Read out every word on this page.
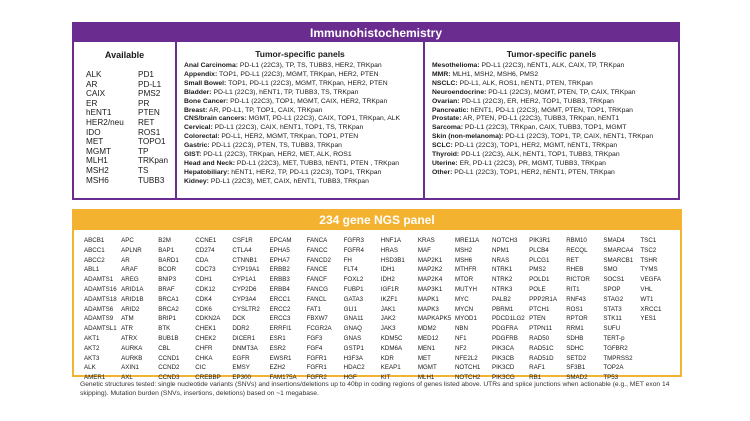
Immunohistochemistry
Available
ALK	PD1
AR	PD-L1
CAIX	PMS2
ER	PR
hENT1	PTEN
HER2/neu	RET
IDO	ROS1
MET	TOPO1
MGMT	TP
MLH1	TRKpan
MSH2	TS
MSH6	TUBB3
Tumor-specific panels
Anal Carcinoma: PD-L1 (22C3), TP, TS, TUBB3, HER2, TRKpan
Appendix: TOP1, PD-L1 (22C3), MGMT, TRKpan, HER2, PTEN
Small Bowel: TOP1, PD-L1 (22C3), MGMT, TRKpan, HER2, PTEN
Bladder: PD-L1 (22C3), hENT1, TP, TUBB3, TS, TRKpan
Bone Cancer: PD-L1 (22C3), TOP1, MGMT, CAIX, HER2, TRKpan
Breast: AR, PD-L1, TP, TOP1, CAIX, TRKpan
CNS/brain cancers: MGMT, PD-L1 (22C3), CAIX, TOP1, TRKpan, ALK
Cervical: PD-L1 (22C3), CAIX, hENT1, TOP1, TS, TRKpan
Colorectal: PD-L1, HER2, MGMT, TRKpan, TOP1, PTEN
Gastric: PD-L1 (22C3), PTEN, TS, TUBB3, TRKpan
GIST: PD-L1 (22C3), TRKpan, HER2, MET, ALK, ROS1
Head and Neck: PD-L1 (22C3), MET, TUBB3, hENT1, PTEN , TRKpan
Hepatobiliary: hENT1, HER2, TP, PD-L1 (22C3), TOP1, TRKpan
Kidney: PD-L1 (22C3), MET, CAIX, hENT1, TUBB3, TRKpan
Tumor-specific panels
Mesothelioma: PD-L1 (22C3), hENT1, ALK, CAIX, TP, TRKpan
MMR: MLH1, MSH2, MSH6, PMS2
NSCLC: PD-L1, ALK, ROS1, hENT1, PTEN, TRKpan
Neuroendocrine: PD-L1 (22C3), MGMT, PTEN, TP, CAIX, TRKpan
Ovarian: PD-L1 (22C3), ER, HER2, TOP1, TUBB3, TRKpan
Pancreatic: hENT1, PD-L1 (22C3), MGMT, PTEN, TOP1, TRKpan
Prostate: AR, PTEN, PD-L1 (22C3), TUBB3, TRKpan, hENT1
Sarcoma: PD-L1 (22C3), TRKpan, CAIX, TUBB3, TOP1, MGMT
Skin (non-melanoma): PD-L1 (22C3), TOP1, TP, CAIX, hENT1, TRKpan
SCLC: PD-L1 (22C3), TOP1, HER2, MGMT, hENT1, TRKpan
Thyroid: PD-L1 (22C3), ALK, hENT1, TOP1, TUBB3, TRKpan
Uterine: ER, PD-L1 (22C3), PR, MGMT, TUBB3, TRKpan
Other: PD-L1 (22C3), TOP1, HER2, hENT1, PTEN, TRKpan
234 gene NGS panel
ABCB1	APC	B2M	CCNE1	CSF1R	EPCAM	FANCA	FGFR3	HNF1A	KRAS	MRE11A	NOTCH3	PIK3R1	RBM10	SMAD4	TSC1
ABCC1	APLNR	BAP1	CD274	CTLA4	EPHA5	FANCC	FGFR4	HRAS	MAF	MSH2	NPM1	PLCB4	RECQL	SMARCA4	TSC2
ABCC2	AR	BARD1	CDA	CTNNB1	EPHA7	FANCD2	FH	HSD3B1	MAP2K1	MSH6	NRAS	PLCG1	RET	SMARCB1	TSHR
ABL1	ARAF	BCOR	CDC73	CYP19A1	ERBB2	FANCE	FLT4	IDH1	MAP2K2	MTHFR	NTRK1	PMS2	RHEB	SMO	TYMS
ADAMTS1	AREG	BNIP3	CDH1	CYP1A1	ERBB3	FANCF	FOXL2	IDH2	MAP2K4	MTOR	NTRK2	POLD1	RICTOR	SOCS1	VEGFA
ADAMTS16 ARID1A	BRAF	CDK12	CYP2D6	ERBB4	FANCG	FUBP1	IGF1R	MAP3K1	MUTYH	NTRK3	POLE	RIT1	SPOP	VHL
ADAMTS18 ARID1B	BRCA1	CDK4	CYP3A4	ERCC1	FANCL	GATA3	IKZF1	MAPK1	MYC	PALB2	PPP2R1A	RNF43	STAG2	WT1
ADAMTS6	ARID2	BRCA2	CDK6	CYSLTR2	ERCC2	FAT1	GLI1	JAK1	MAPK3	MYCN	PBRM1	PTCH1	ROS1	STAT3	XRCC1
ADAMTS9	ATM	BRIP1	CDKN2A	DCK	ERCC3	FBXW7	GNA11	JAK2	MAPKAPK5 MYOD1	PDCD1LG2 PTEN	RPTOR	STK11	YES1
ADAMTSL1 ATR	BTK	CHEK1	DDR2	ERRFI1	FCGR2A	GNAQ	JAK3	MDM2	NBN	PDGFRA	PTPN11	RRM1	SUFU
AKT1	ATRX	BUB1B	CHEK2	DICER1	ESR1	FGF3	GNAS	KDM5C	MED12	NF1	PDGFRB	RAD50	SDHB	TERT-p
AKT2	AURKA	CBL	CHFR	DNMT3A	ESR2	FGF4	GSTP1	KDM6A	MEN1	NF2	PIK3CA	RAD51C	SDHC	TGFBR2
AKT3	AURKB	CCND1	CHKA	EGFR	EWSR1	FGFR1	H3F3A	KDR	MET	NFE2L2	PIK3CB	RAD51D	SETD2	TMPRSS2
ALK	AXIN1	CCND2	CIC	EMSY	EZH2	FGFR1	HDAC2	KEAP1	MGMT	NOTCH1	PIK3CD	RAF1	SF3B1	TOP2A
AMER1	AXL	CCND3	CREBBP	EP300	FAM175A	FGFR2	HGF	KIT	MLH1	NOTCH2	PIK3CG	RB1	SMAD2	TP53
Genetic structures tested: single nucleotide variants (SNVs) and insertions/deletions up to 40bp in coding regions of genes listed above. UTRs and splice junctions when actionable (e.g., MET exon 14 skipping). Mutation burden (SNVs, insertions, deletions) based on ~1 megabase.
